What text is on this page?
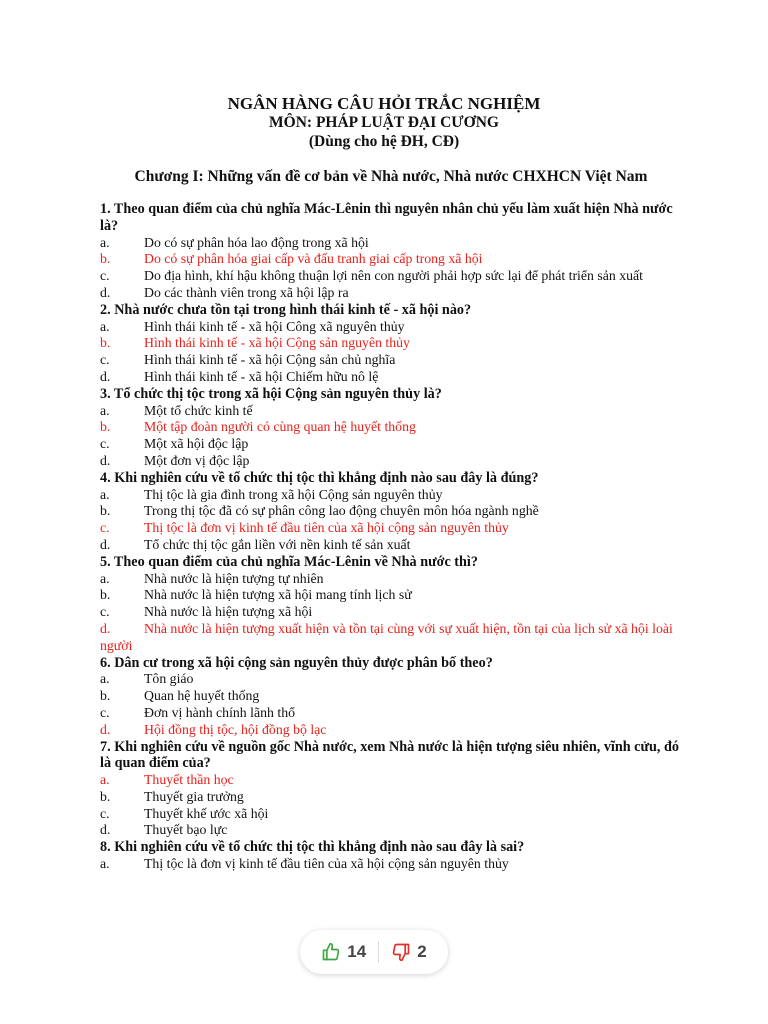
NGÂN HÀNG CÂU HỎI TRẮC NGHIỆM
MÔN: PHÁP LUẬT ĐẠI CƯƠNG
(Dùng cho hệ ĐH, CĐ)
Chương I: Những vấn đề cơ bản về Nhà nước, Nhà nước CHXHCN Việt Nam
1. Theo quan điểm của chủ nghĩa Mác-Lênin thì nguyên nhân chủ yếu làm xuất hiện Nhà nước là?
a.	Do có sự phân hóa lao động trong xã hội
b.	Do có sự phân hóa giai cấp và đấu tranh giai cấp trong xã hội
c. Do địa hình, khí hậu không thuận lợi nên con người phải hợp sức lại để phát triển sản xuất
d.	Do các thành viên trong xã hội lập ra
2. Nhà nước chưa tồn tại trong hình thái kinh tế - xã hội nào?
a.	Hình thái kinh tế - xã hội Công xã nguyên thủy
b.	Hình thái kinh tế - xã hội Cộng sản nguyên thủy
c.	Hình thái kinh tế - xã hội Cộng sản chủ nghĩa
d.	Hình thái kinh tế - xã hội Chiếm hữu nô lệ
3. Tổ chức thị tộc trong xã hội Cộng sản nguyên thủy là?
a.	Một tổ chức kinh tế
b.	Một tập đoàn người có cùng quan hệ huyết thống
c.	Một xã hội độc lập
d.	Một đơn vị độc lập
4. Khi nghiên cứu về tổ chức thị tộc thì khẳng định nào sau đây là đúng?
a.	Thị tộc là gia đình trong xã hội Cộng sản nguyên thủy
b.	Trong thị tộc đã có sự phân công lao động chuyên môn hóa ngành nghề
c.	Thị tộc là đơn vị kinh tế đầu tiên của xã hội cộng sản nguyên thủy
d.	Tổ chức thị tộc gắn liền với nền kinh tế sản xuất
5. Theo quan điểm của chủ nghĩa Mác-Lênin về Nhà nước thì?
a.	Nhà nước là hiện tượng tự nhiên
b.	Nhà nước là hiện tượng xã hội mang tính lịch sử
c.	Nhà nước là hiện tượng xã hội
d. Nhà nước là hiện tượng xuất hiện và tồn tại cùng với sự xuất hiện, tồn tại của lịch sử xã hội loài người
6. Dân cư trong xã hội cộng sản nguyên thủy được phân bố theo?
a.	Tôn giáo
b.	Quan hệ huyết thống
c.	Đơn vị hành chính lãnh thổ
d.	Hội đồng thị tộc, hội đồng bộ lạc
7. Khi nghiên cứu về nguồn gốc Nhà nước, xem Nhà nước là hiện tượng siêu nhiên, vĩnh cửu, đó là quan điểm của?
a.	Thuyết thần học
b.	Thuyết gia trưởng
c.	Thuyết khế ước xã hội
d.	Thuyết bạo lực
8. Khi nghiên cứu về tổ chức thị tộc thì khẳng định nào sau đây là sai?
a.	Thị tộc là đơn vị kinh tế đầu tiên của xã hội cộng sản nguyên thủy
14	2
